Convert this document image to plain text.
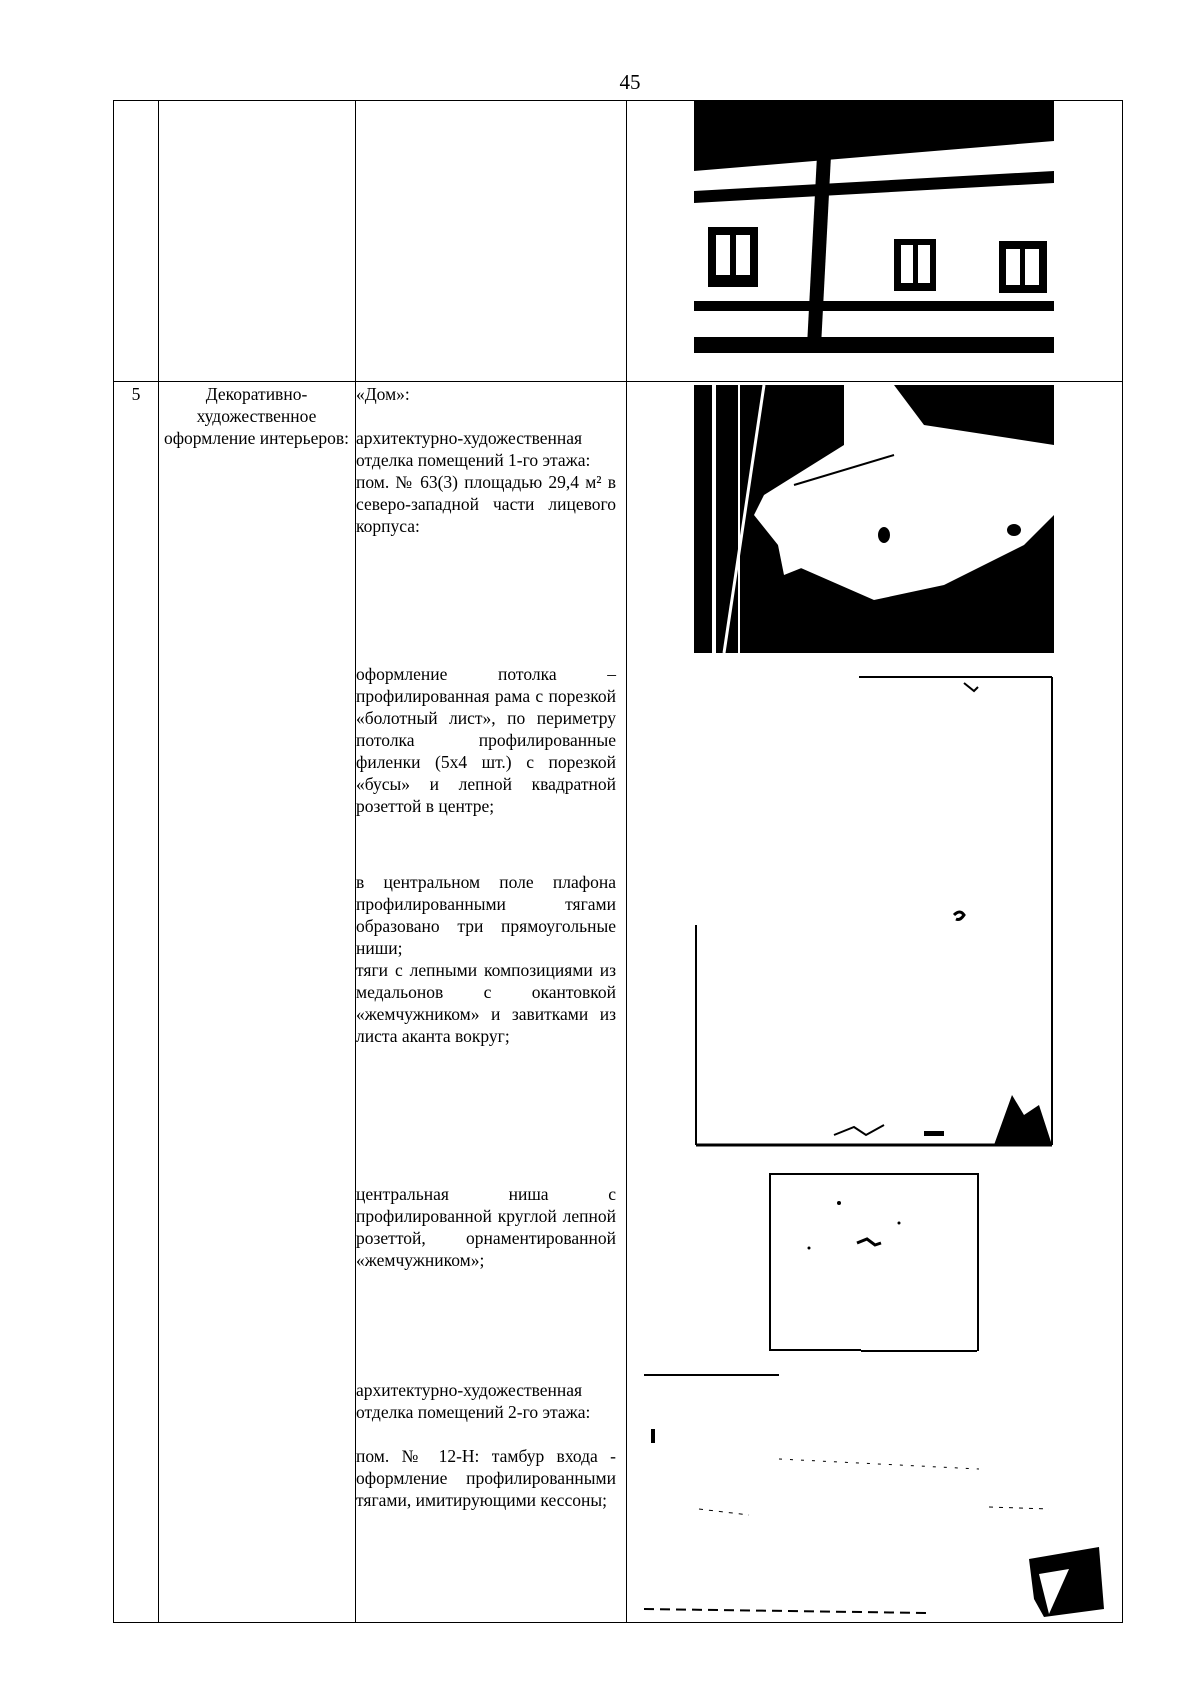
45
5	Декоративно-художественное оформление интерьеров:

«Дом»:

архитектурно-художественная отделка помещений 1-го этажа:

пом. № 63(3) площадью 29,4 м² в северо-западной части лицевого корпуса:

оформление потолка – профилированная рама с порезкой «болотный лист», по периметру потолка профилированные филенки (5х4 шт.) с порезкой «бусы» и лепной квадратной розеттой в центре;

в центральном поле плафона профилированными тягами образовано три прямоугольные ниши;

тяги с лепными композициями из медальонов с окантовкой «жемчужником» и завитками из листа аканта вокруг;

центральная ниша с профилированной круглой лепной розеттой, орнаментированной «жемчужником»;

архитектурно-художественная отделка помещений 2-го этажа:

пом. № 12-Н: тамбур входа - оформление профилированными тягами, имитирующими кессоны;
